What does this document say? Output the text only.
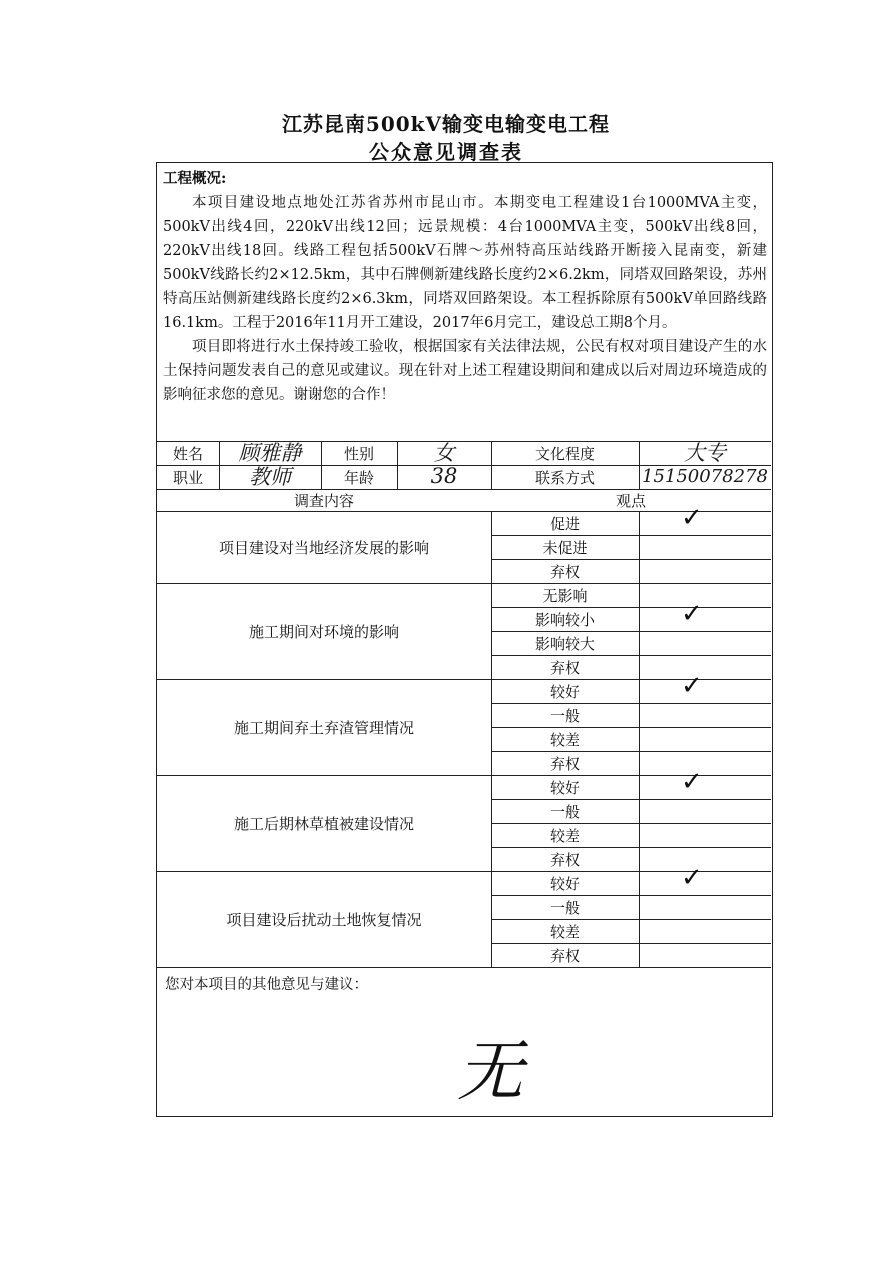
江苏昆南500kV输变电输变电工程
公众意见调查表
工程概况:

本项目建设地点地处江苏省苏州市昆山市。本期变电工程建设1台1000MVA主变，500kV出线4回，220kV出线12回；远景规模：4台1000MVA主变，500kV出线8回，220kV出线18回。线路工程包括500kV石牌～苏州特高压站线路开断接入昆南变，新建500kV线路长约2×12.5km，其中石牌侧新建线路长度约2×6.2km，同塔双回路架设，苏州特高压站侧新建线路长度约2×6.3km，同塔双回路架设。本工程拆除原有500kV单回路线路16.1km。工程于2016年11月开工建设，2017年6月完工，建设总工期8个月。

项目即将进行水土保持竣工验收，根据国家有关法律法规，公民有权对项目建设产生的水土保持问题发表自己的意见或建议。现在针对上述工程建设期间和建成以后对周边环境造成的影响征求您的意见。谢谢您的合作！

姓名	顾雅静	性别	女	文化程度	大专
职业	教师	年龄	38	联系方式	15150078278
调查内容	观点
项目建设对当地经济发展的影响
促进	✓
未促进
弃权
施工期间对环境的影响
无影响
影响较小	✓
影响较大
弃权
施工期间弃土弃渣管理情况
较好	✓
一般
较差
弃权
施工后期林草植被建设情况
较好	✓
一般
较差
弃权
项目建设后扰动土地恢复情况
较好	✓
一般
较差
弃权
您对本项目的其他意见与建议：
无
